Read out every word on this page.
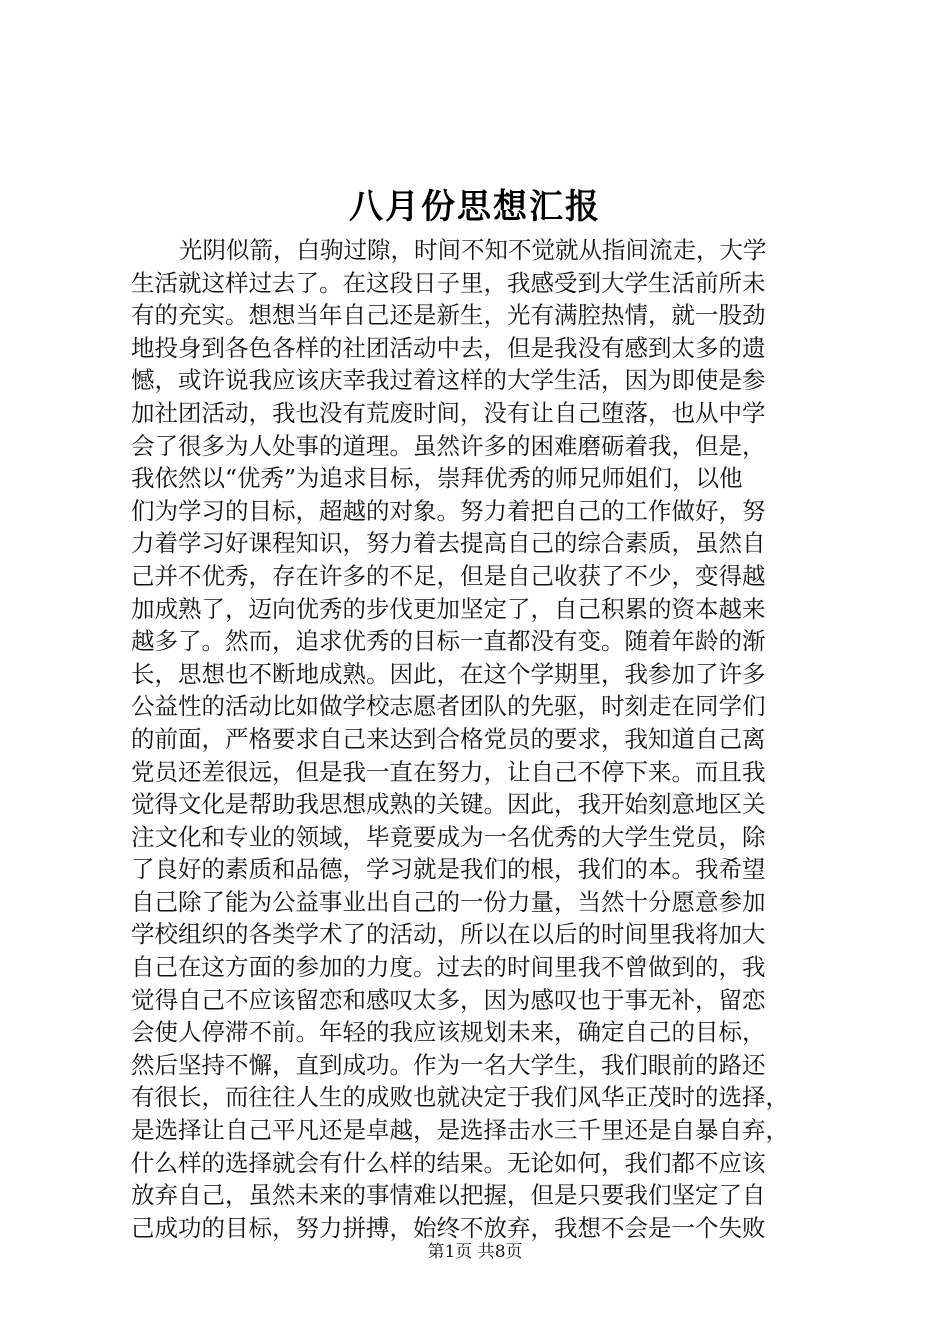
八月份思想汇报
光阴似箭，白驹过隙，时间不知不觉就从指间流走，大学
生活就这样过去了。在这段日子里，我感受到大学生活前所未
有的充实。想想当年自己还是新生，光有满腔热情，就一股劲
地投身到各色各样的社团活动中去，但是我没有感到太多的遗
憾，或许说我应该庆幸我过着这样的大学生活，因为即使是参
加社团活动，我也没有荒废时间，没有让自己堕落，也从中学
会了很多为人处事的道理。虽然许多的困难磨砺着我，但是，
我依然以“优秀”为追求目标，崇拜优秀的师兄师姐们，以他
们为学习的目标，超越的对象。努力着把自己的工作做好，努
力着学习好课程知识，努力着去提高自己的综合素质，虽然自
己并不优秀，存在许多的不足，但是自己收获了不少，变得越
加成熟了，迈向优秀的步伐更加坚定了，自己积累的资本越来
越多了。然而，追求优秀的目标一直都没有变。随着年龄的渐
长，思想也不断地成熟。因此，在这个学期里，我参加了许多
公益性的活动比如做学校志愿者团队的先驱，时刻走在同学们
的前面，严格要求自己来达到合格党员的要求，我知道自己离
党员还差很远，但是我一直在努力，让自己不停下来。而且我
觉得文化是帮助我思想成熟的关键。因此，我开始刻意地区关
注文化和专业的领域，毕竟要成为一名优秀的大学生党员，除
了良好的素质和品德，学习就是我们的根，我们的本。我希望
自己除了能为公益事业出自己的一份力量，当然十分愿意参加
学校组织的各类学术了的活动，所以在以后的时间里我将加大
自己在这方面的参加的力度。过去的时间里我不曾做到的，我
觉得自己不应该留恋和感叹太多，因为感叹也于事无补，留恋
会使人停滞不前。年轻的我应该规划未来，确定自己的目标，
然后坚持不懈，直到成功。作为一名大学生，我们眼前的路还
有很长，而往往人生的成败也就决定于我们风华正茂时的选择，
是选择让自己平凡还是卓越，是选择击水三千里还是自暴自弃，
什么样的选择就会有什么样的结果。无论如何，我们都不应该
放弃自己，虽然未来的事情难以把握，但是只要我们坚定了自
己成功的目标，努力拼搏，始终不放弃，我想不会是一个失败
第1页 共8页
